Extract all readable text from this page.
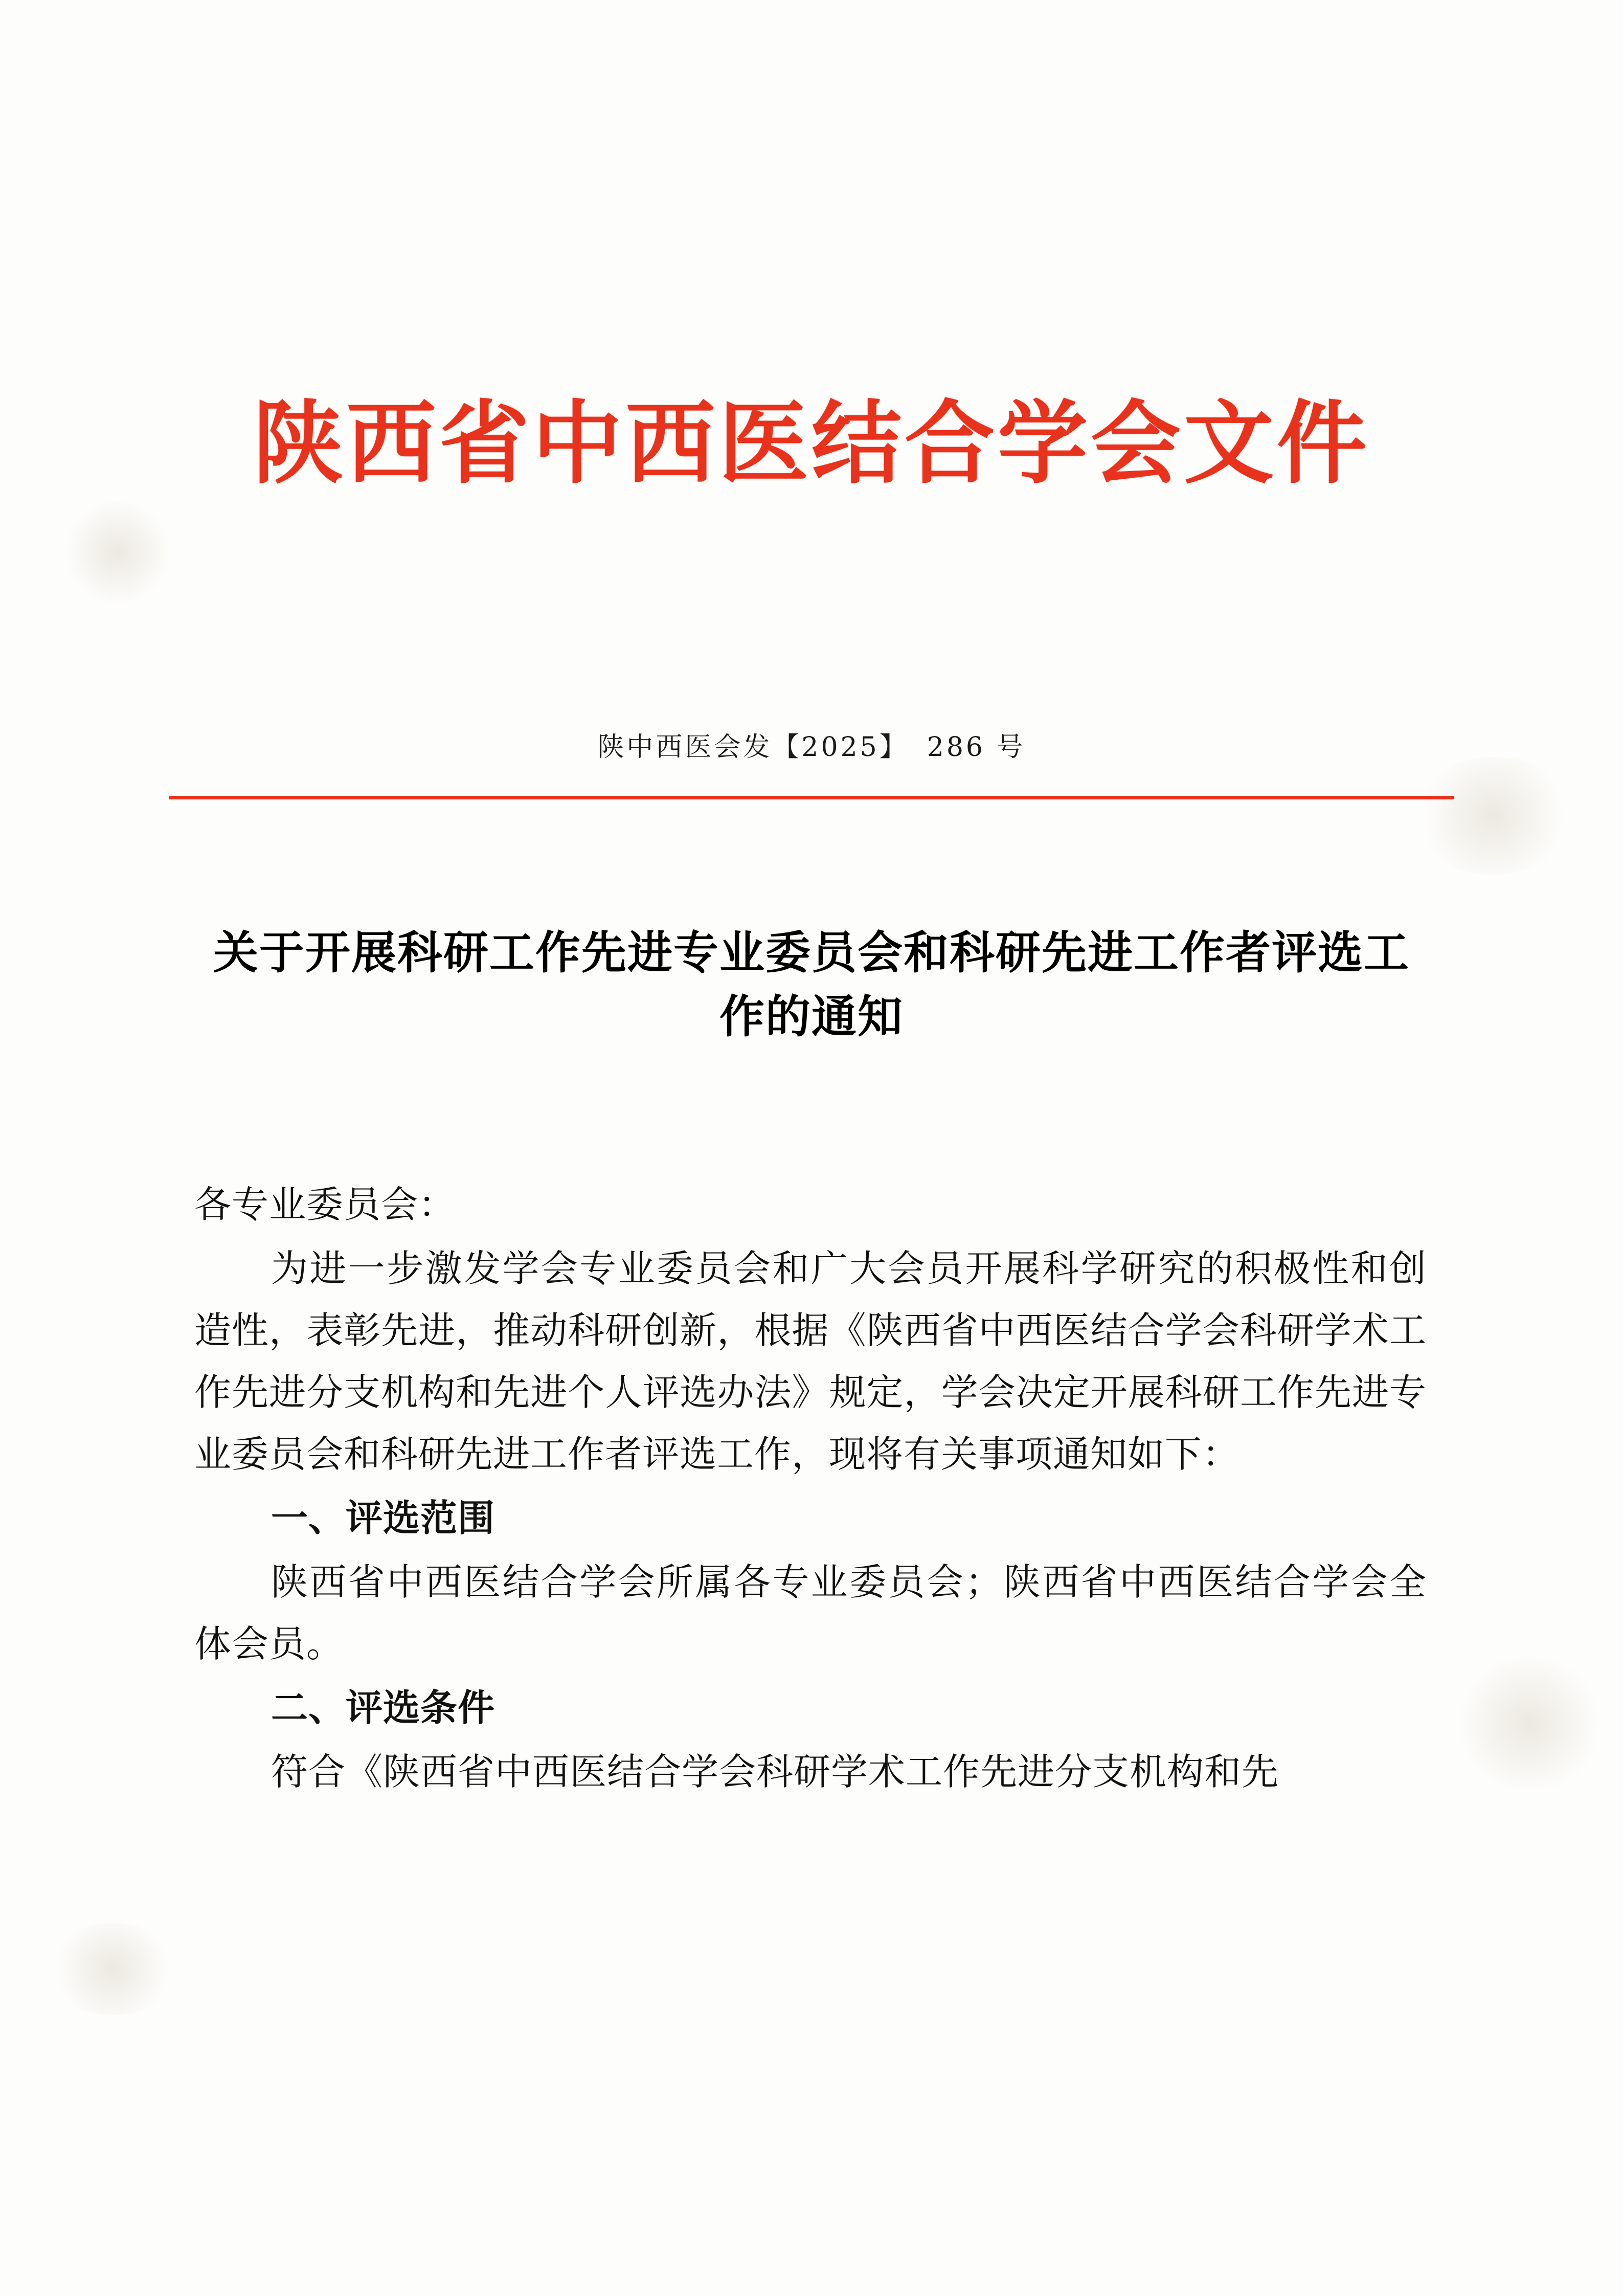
陕西省中西医结合学会文件
陕中西医会发【2025】 286 号
关于开展科研工作先进专业委员会和科研先进工作者评选工作的通知

各专业委员会：

为进一步激发学会专业委员会和广大会员开展科学研究的积极性和创造性，表彰先进，推动科研创新，根据《陕西省中西医结合学会科研学术工作先进分支机构和先进个人评选办法》规定，学会决定开展科研工作先进专业委员会和科研先进工作者评选工作，现将有关事项通知如下：

一、评选范围

陕西省中西医结合学会所属各专业委员会；陕西省中西医结合学会全体会员。

二、评选条件

符合《陕西省中西医结合学会科研学术工作先进分支机构和先
